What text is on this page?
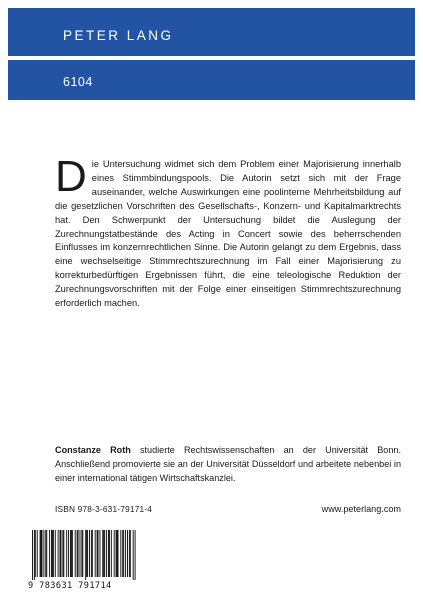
PETER LANG
6104
Die Untersuchung widmet sich dem Problem einer Majorisierung innerhalb eines Stimmbindungspools. Die Autorin setzt sich mit der Frage auseinander, welche Auswirkungen eine poolinterne Mehrheitsbildung auf die gesetzlichen Vorschriften des Gesellschafts-, Konzern- und Kapitalmarktrechts hat. Den Schwerpunkt der Untersuchung bildet die Auslegung der Zurechnungstatbestände des Acting in Concert sowie des beherrschenden Einflusses im konzernrechtlichen Sinne. Die Autorin gelangt zu dem Ergebnis, dass eine wechselseitige Stimmrechtszurechnung im Fall einer Majorisierung zu korrekturbedürftigen Ergebnissen führt, die eine teleologische Reduktion der Zurechnungsvorschriften mit der Folge einer einseitigen Stimmrechtszurechnung erforderlich machen.
Constanze Roth studierte Rechtswissenschaften an der Universität Bonn. Anschließend promovierte sie an der Universität Düsseldorf und arbeitete nebenbei in einer international tätigen Wirtschaftskanzlei.
ISBN 978-3-631-79171-4	www.peterlang.com
9 783631 791714
